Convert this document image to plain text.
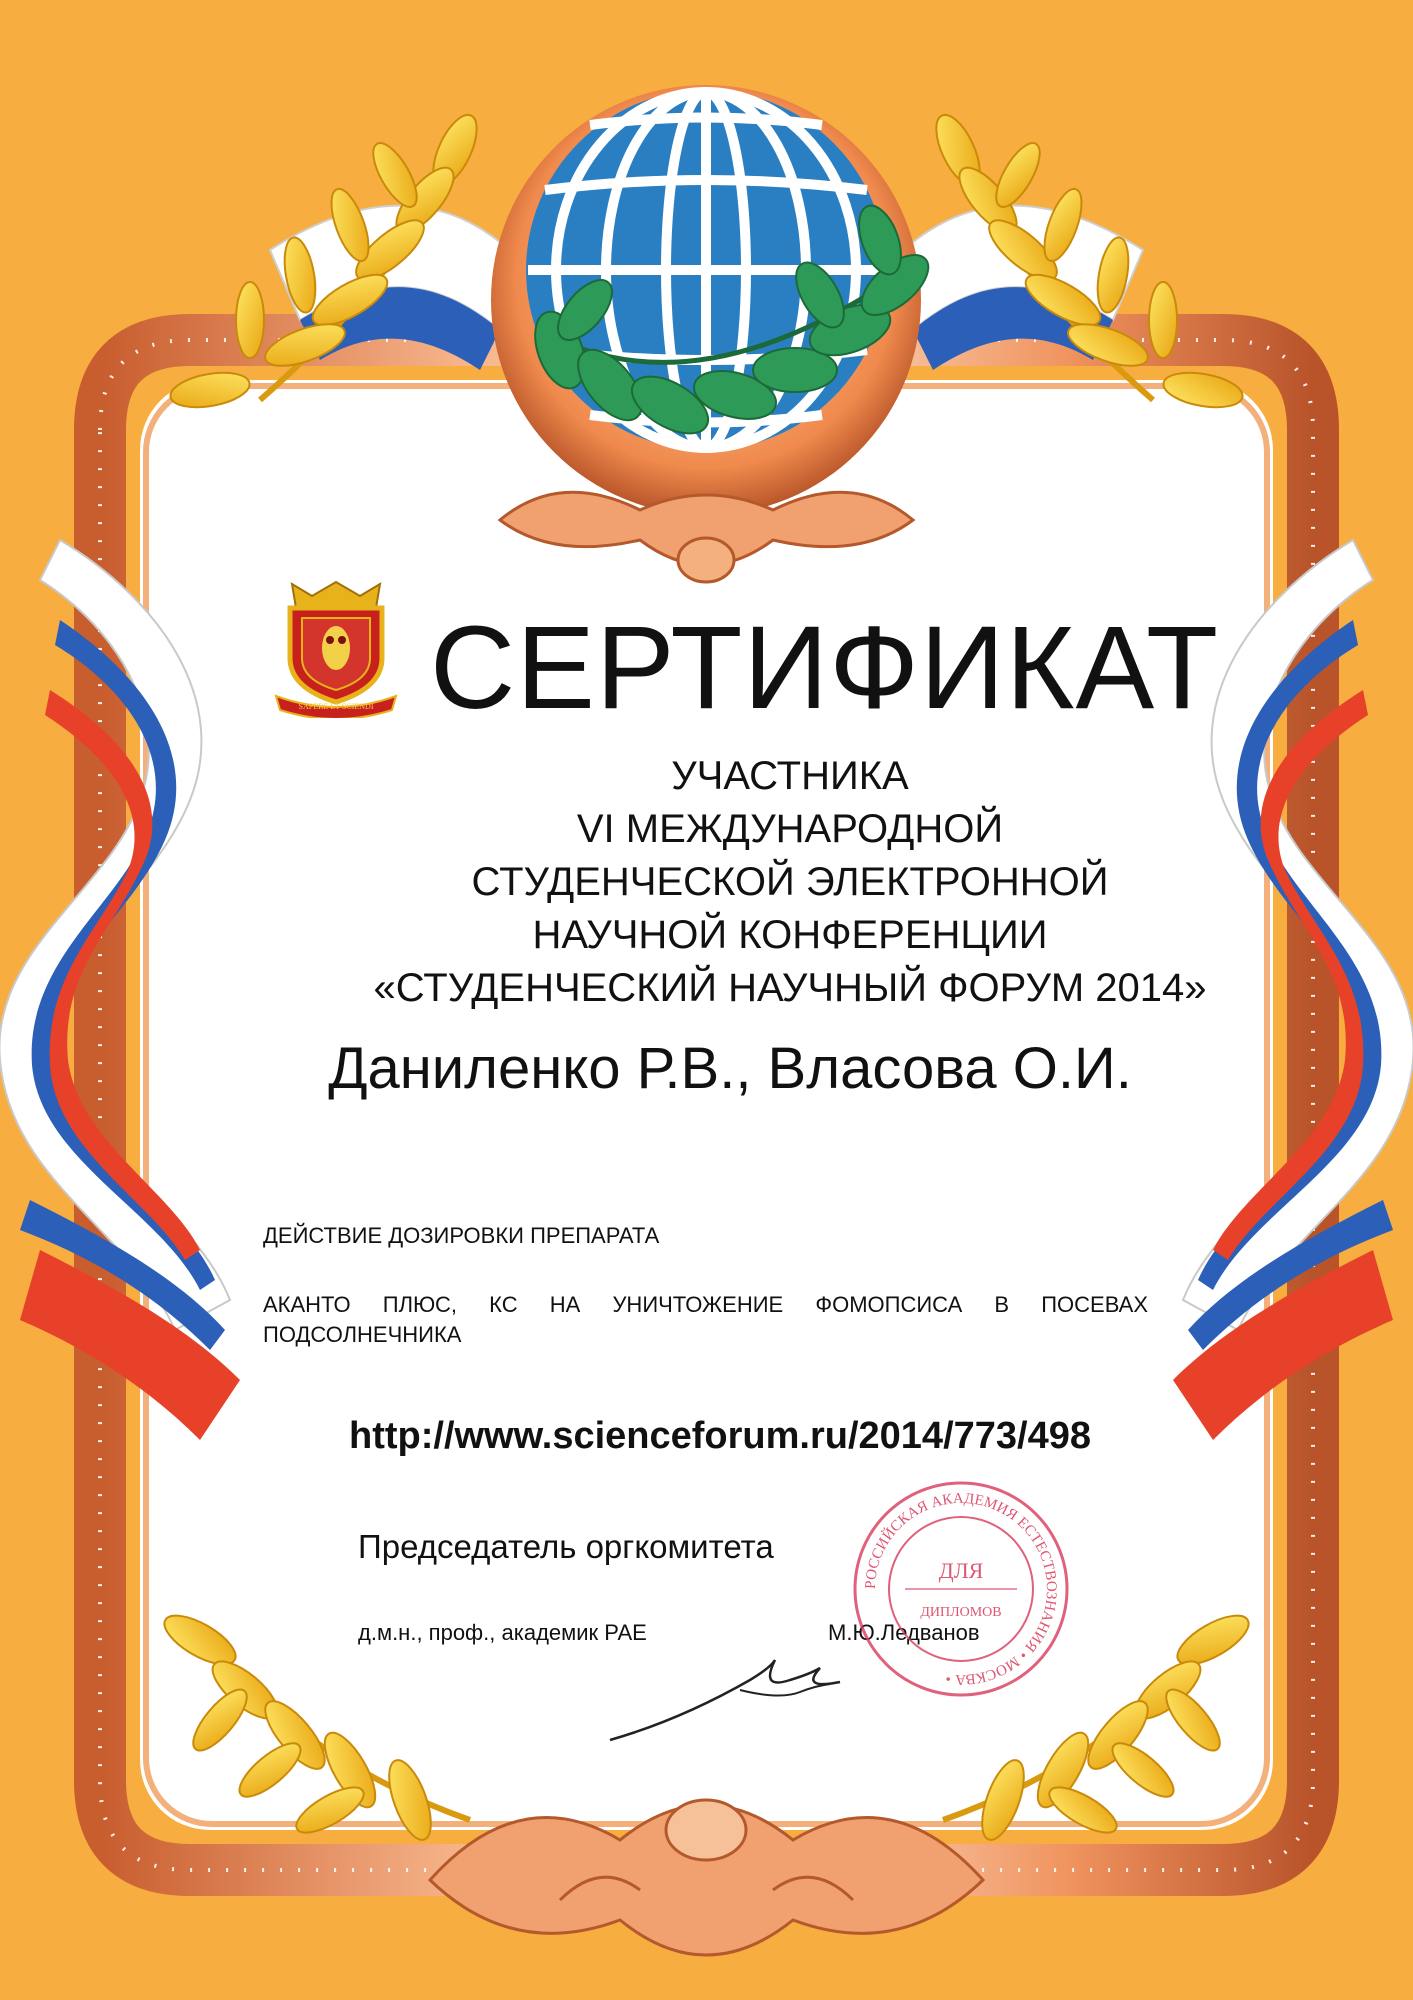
SAPERE ET SCIENDI СЕРТИФИКАТ
УЧАСТНИКА
VI МЕЖДУНАРОДНОЙ
СТУДЕНЧЕСКОЙ ЭЛЕКТРОННОЙ
НАУЧНОЙ КОНФЕРЕНЦИИ
«СТУДЕНЧЕСКИЙ НАУЧНЫЙ ФОРУМ 2014»
Даниленко Р.В., Власова О.И.
ДЕЙСТВИЕ ДОЗИРОВКИ ПРЕПАРАТА
АКАНТО ПЛЮС, КС НА УНИЧТОЖЕНИЕ ФОМОПСИСА В ПОСЕВАХ ПОДСОЛНЕЧНИКА
http://www.scienceforum.ru/2014/773/498
Председатель оргкомитета
д.м.н., проф., академик РАЕ	М.Ю.Ледванов
РОССИЙСКАЯ АКАДЕМИЯ ЕСТЕСТВОЗНАНИЯ • МОСКВА •
ДЛЯ
ДИПЛОМОВ
